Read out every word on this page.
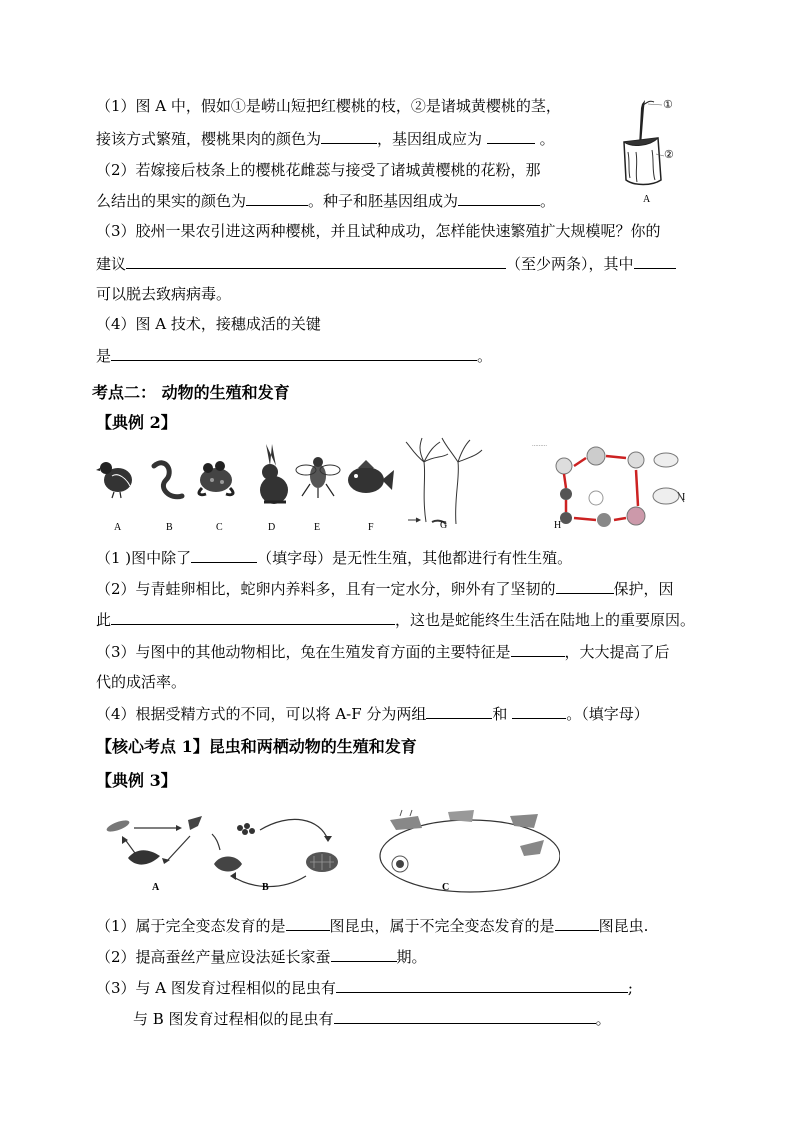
（1）图 A 中，假如①是崂山短把红樱桃的枝，②是诸城黄樱桃的茎，
接该方式繁殖，樱桃果肉的颜色为	，基因组成应为	。
（2）若嫁接后枝条上的樱桃花雌蕊与接受了诸城黄樱桃的花粉，那
么结出的果实的颜色为	。种子和胚基因组成为	。
（3）胶州一果农引进这两种樱桃，并且试种成功，怎样能快速繁殖扩大规模呢？你的
建议	（至少两条），其中
可以脱去致病病毒。
（4）图 A 技术，接穗成活的关键
是	。
①
②
A
考点二： 动物的生殖和发育
【典例 2】
………
A	B	C	D	E	F	G	H
I
（1 )图中除了	（填字母）是无性生殖，其他都进行有性生殖。
（2）与青蛙卵相比，蛇卵内养料多，且有一定水分，卵外有了坚韧的	保护，因
此	，这也是蛇能终生生活在陆地上的重要原因。
（3）与图中的其他动物相比，兔在生殖发育方面的主要特征是	，大大提高了后
代的成活率。
（4）根据受精方式的不同，可以将 A-F 分为两组	和	。（填字母）
【核心考点 1】昆虫和两栖动物的生殖和发育
【典例 3】
A	B	C
（1）属于完全变态发育的是	图昆虫，属于不完全变态发育的是	图昆虫.
（2）提高蚕丝产量应设法延长家蚕	期。
（3）与 A 图发育过程相似的昆虫有	;
与 B 图发育过程相似的昆虫有	。
